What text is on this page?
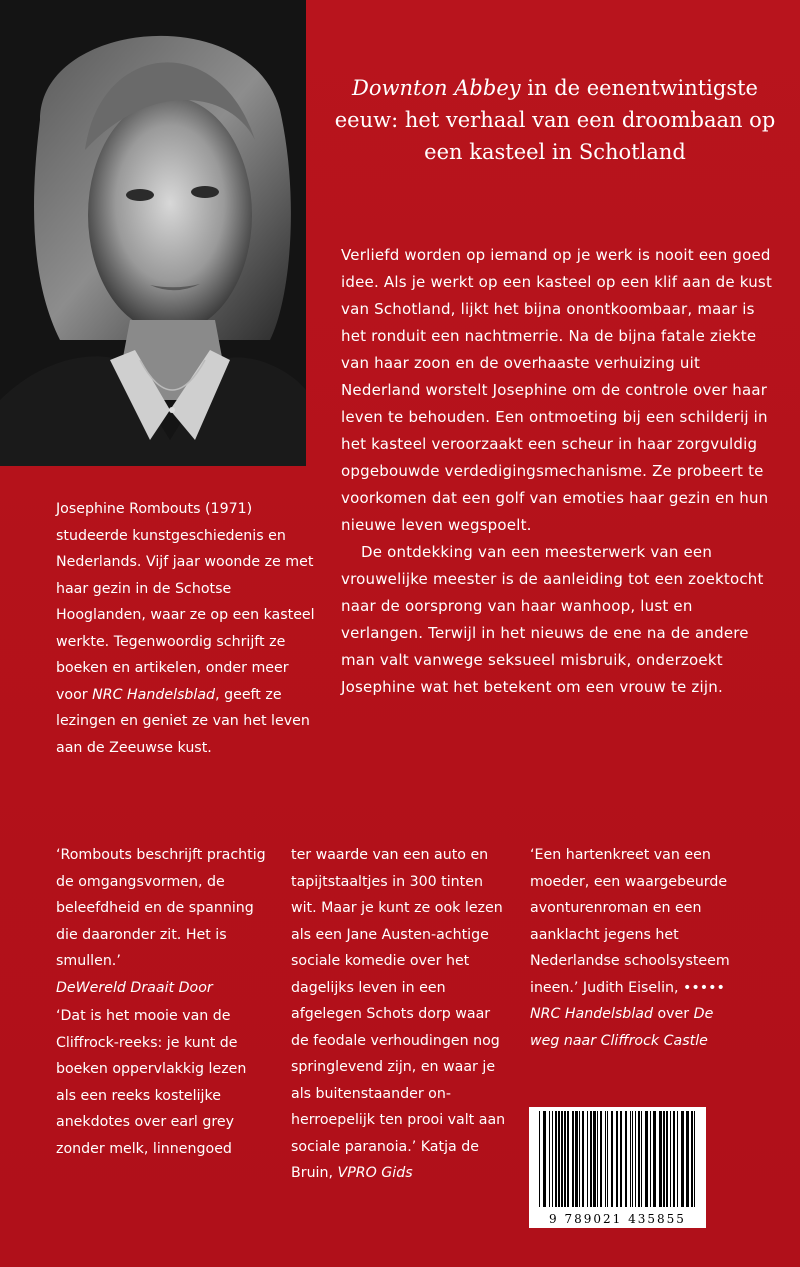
Downton Abbey in de eenentwintigste eeuw: het verhaal van een droombaan op een kasteel in Schotland

Verliefd worden op iemand op je werk is nooit een goed idee. Als je werkt op een kasteel op een klif aan de kust van Schotland, lijkt het bijna onontkoombaar, maar is het ronduit een nachtmerrie. Na de bijna fatale ziekte van haar zoon en de overhaaste verhuizing uit Nederland worstelt Josephine om de controle over haar leven te behouden. Een ontmoeting bij een schilderij in het kasteel veroorzaakt een scheur in haar zorgvuldig opgebouwde verdedigingsmechanisme. Ze probeert te voorkomen dat een golf van emoties haar gezin en hun nieuwe leven wegspoelt.

De ontdekking van een meesterwerk van een vrouwelijke meester is de aanleiding tot een zoektocht naar de oorsprong van haar wanhoop, lust en verlangen. Terwijl in het nieuws de ene na de andere man valt vanwege seksueel misbruik, onderzoekt Josephine wat het betekent om een vrouw te zijn.

Josephine Rombouts (1971) studeerde kunstgeschiedenis en Nederlands. Vijf jaar woonde ze met haar gezin in de Schotse Hooglanden, waar ze op een kasteel werkte. Tegenwoordig schrijft ze boeken en artikelen, onder meer voor NRC Handelsblad, geeft ze lezingen en geniet ze van het leven aan de Zeeuwse kust.
‘Rombouts beschrijft prachtig de omgangsvormen, de beleefdheid en de spanning die daaronder zit. Het is smullen.’
DeWereld Draait Door
‘Dat is het mooie van de Cliffrock-reeks: je kunt de boeken oppervlakkig lezen als een reeks kostelijke anekdotes over earl grey zonder melk, linnengoed
ter waarde van een auto en tapijtstaaltjes in 300 tinten wit. Maar je kunt ze ook lezen als een Jane Austen-achtige sociale komedie over het dagelijks leven in een afgelegen Schots dorp waar de feodale verhoudingen nog springlevend zijn, en waar je als buitenstaander onherroepelijk ten prooi valt aan sociale paranoia.’ Katja de Bruin, VPRO Gids
‘Een hartenkreet van een moeder, een waargebeurde avonturenroman en een aanklacht jegens het Nederlandse schoolsysteem ineen.’ Judith Eiselin, ••••• NRC Handelsblad over De weg naar Cliffrock Castle
9 789021 435855
